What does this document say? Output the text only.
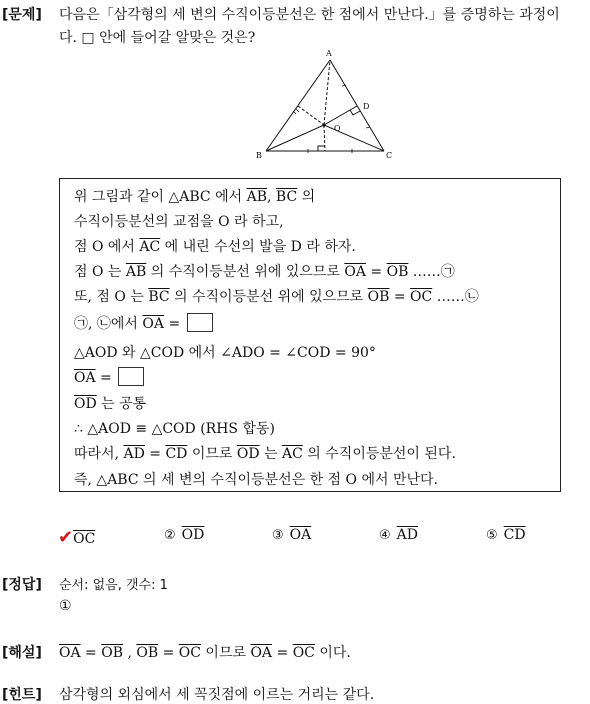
[문제] 다음은「삼각형의 세 변의 수직이등분선은 한 점에서 만난다.」를 증명하는 과정이
다. □ 안에 들어갈 알맞은 것은?
A
B	C
D
O
위 그림과 같이 △ABC 에서 $\overline{AB}$, $\overline{BC}$ 의
수직이등분선의 교점을 O 라 하고,
점 O 에서 $\overline{AC}$ 에 내린 수선의 발을 D 라 하자.
점 O 는 $\overline{AB}$ 의 수직이등분선 위에 있으므로 $\overline{OA} = \overline{OB}$ ……㉠
또, 점 O 는 $\overline{BC}$ 의 수직이등분선 위에 있으므로 $\overline{OB} = \overline{OC}$ ……㉡
㉠, ㉡에서 $\overline{OA}$ =
△AOD 와 △COD 에서 ∠ADO = ∠COD = 90°
$\overline{OA}$ =
$\overline{OD}$ 는 공통
∴ △AOD ≡ △COD (RHS 합동)
따라서, $\overline{AD} = \overline{CD}$ 이므로 $\overline{OD}$ 는 $\overline{AC}$ 의 수직이등분선이 된다.
즉, △ABC 의 세 변의 수직이등분선은 한 점 O 에서 만난다.
$✔\overline{OC}$	② $\overline{OD}$	③ $\overline{OA}$	④ $\overline{AD}$	⑤ $\overline{CD}$
[정답] 순서: 없음, 갯수: 1
①
[해설] $\overline{OA} = \overline{OB}$ , $\overline{OB} = \overline{OC}$ 이므로 $\overline{OA} = \overline{OC}$ 이다.
[힌트] 삼각형의 외심에서 세 꼭짓점에 이르는 거리는 같다.
